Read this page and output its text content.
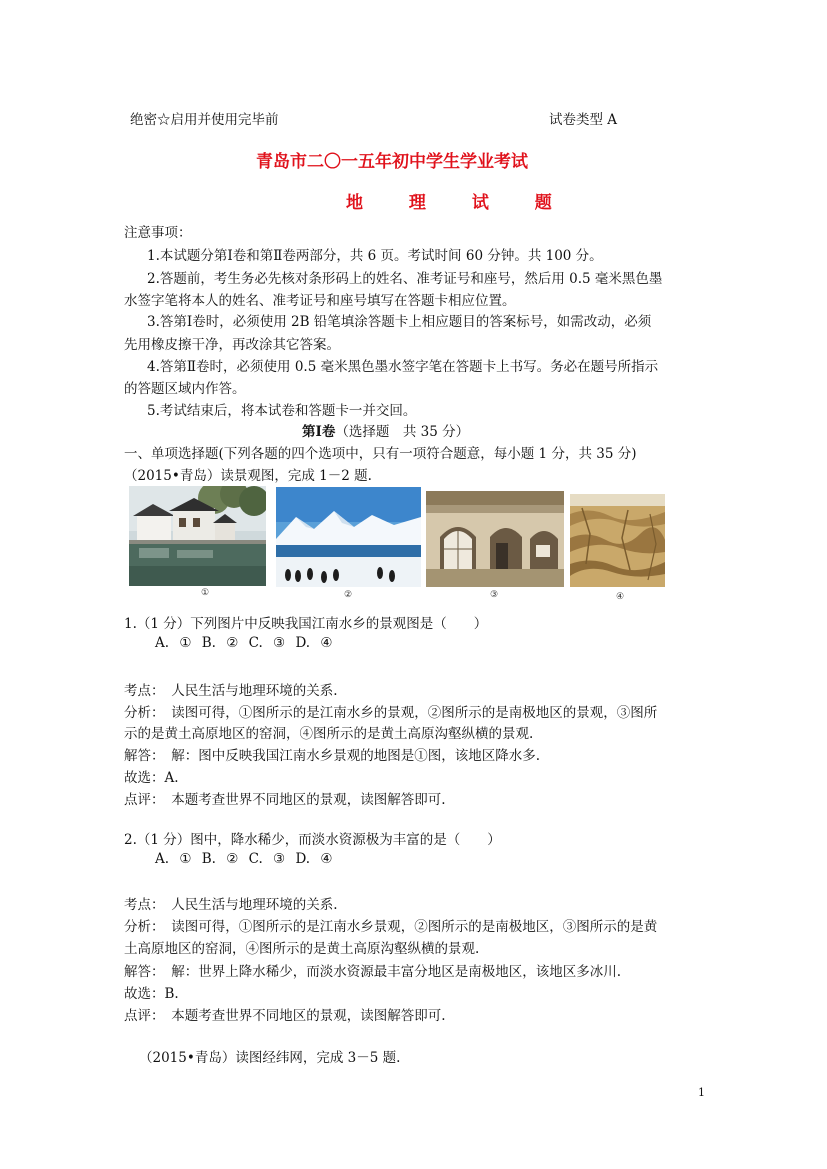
绝密☆启用并使用完毕前	试卷类型 A
青岛市二〇一五年初中学生学业考试
地 理 试 题
注意事项：
1.本试题分第Ⅰ卷和第Ⅱ卷两部分，共 6 页。考试时间 60 分钟。共 100 分。
2.答题前，考生务必先核对条形码上的姓名、准考证号和座号，然后用 0.5 毫米黑色墨
水签字笔将本人的姓名、准考证号和座号填写在答题卡相应位置。
3.答第Ⅰ卷时，必须使用 2B 铅笔填涂答题卡上相应题目的答案标号，如需改动，必须
先用橡皮擦干净，再改涂其它答案。
4.答第Ⅱ卷时，必须使用 0.5 毫米黑色墨水签字笔在答题卡上书写。务必在题号所指示
的答题区域内作答。
5.考试结束后，将本试卷和答题卡一并交回。
第Ⅰ卷（选择题　共 35 分）
一、单项选择题(下列各题的四个选项中，只有一项符合题意，每小题 1 分，共 35 分)
（2015•青岛）读景观图，完成 1－2 题.
①	②	③	④
1.（1 分）下列图片中反映我国江南水乡的景观图是（　　）
A. ① B. ② C. ③ D. ④
考点：　人民生活与地理环境的关系.
分析：　读图可得，①图所示的是江南水乡的景观，②图所示的是南极地区的景观，③图所
示的是黄土高原地区的窑洞，④图所示的是黄土高原沟壑纵横的景观.
解答：　解：图中反映我国江南水乡景观的地图是①图，该地区降水多.
故选：A.
点评：　本题考查世界不同地区的景观，读图解答即可.
2.（1 分）图中，降水稀少，而淡水资源极为丰富的是（　　）
A. ① B. ② C. ③ D. ④
考点：　人民生活与地理环境的关系.
分析：　读图可得，①图所示的是江南水乡景观，②图所示的是南极地区，③图所示的是黄
土高原地区的窑洞，④图所示的是黄土高原沟壑纵横的景观.
解答：　解：世界上降水稀少，而淡水资源最丰富分地区是南极地区，该地区多冰川.
故选：B.
点评：　本题考查世界不同地区的景观，读图解答即可.
（2015•青岛）读图经纬网，完成 3－5 题.
1
